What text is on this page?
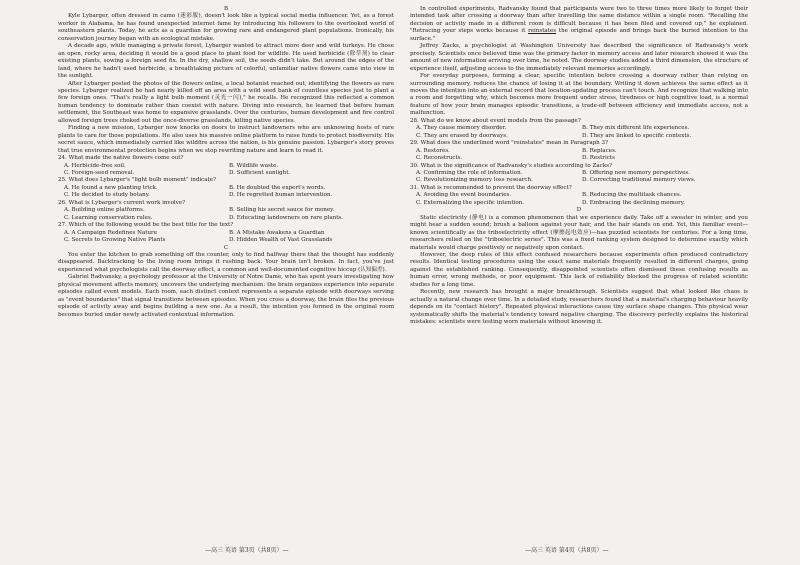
B

Kyle Lybarger, often dressed in camo (迷彩服), doesn't look like a typical social media influencer. Yet, as a forest worker in Alabama, he has found unexpected internet fame by introducing his followers to the overlooked world of southeastern plants. Today, he acts as a guardian for growing rare and endangered plant populations. Ironically, his conservation journey began with an ecological mistake.

A decade ago, while managing a private forest, Lybarger wanted to attract more deer and wild turkeys. He chose an open, rocky area, deciding it would be a good place to plant food for wildlife. He used herbicide (除草剂) to clear existing plants, sowing a foreign seed fix. In the dry, shallow soil, the seeds didn't take. But around the edges of the land, where he hadn't used herbicide, a breathtaking picture of colorful, unfamiliar native flowers came into view in the sunlight.

After Lybarger posted the photos of the flowers online, a local botanist reached out, identifying the flowers as rare species. Lybarger realized he had nearly killed off an area with a wild seed bank of countless species just to plant a few foreign ones. "That's really a light bulb moment (灵光一闪)," he recalls. He recognized this reflected a common human tendency to dominate rather than coexist with nature. Diving into research, he learned that before human settlement, the Southeast was home to expansive grasslands. Over the centuries, human development and fire control allowed foreign trees choked out the once-diverse grasslands, killing native species.

Finding a new mission, Lybarger now knocks on doors to instruct landowners who are unknowing hosts of rare plants to care for those populations. He also uses his massive online platform to raise funds to protect biodiversity. His secret sauce, which immediately carried like wildfire across the nation, is his genuine passion. Lybarger's story proves that true environmental protection begins when we stop rewriting nature and learn to read it.

24. What made the native flowers come out?
A. Herbicide-free soil.	B. Wildlife waste.
C. Foreign-seed removal.	D. Sufficient sunlight.
25. What does Lybarger's "light bulb moment" indicate?
A. He found a new planting trick.	B. He doubted the expert's words.
C. He decided to study botany.	D. He regretted human intervention.
26. What is Lybarger's current work involve?
A. Building online platforms.	B. Selling his secret sauce for money.
C. Learning conservation rules.	D. Educating landowners on rare plants.
27. Which of the following would be the best title for the text?
A. A Campaign Redefines Nature	B. A Mistake Awakens a Guardian
C. Secrets to Growing Native Plants	D. Hidden Wealth of Vast Grasslands
C

You enter the kitchen to grab something off the counter, only to find halfway there that the thought has suddenly disappeared. Backtracking to the living room brings it rushing back. Your brain isn't broken. In fact, you've just experienced what psychologists call the doorway effect, a common and well-documented cognitive hiccup (认知偏差).

Gabriel Radvansky, a psychology professor at the University of Notre Dame, who has spent years investigating how physical movement affects memory, uncovers the underlying mechanism: the brain organizes experience into separate episodes called event models. Each room, each distinct context represents a separate episode with doorways serving as "event boundaries" that signal transitions between episodes. When you cross a doorway, the brain files the previous episode of activity away and begins building a new one. As a result, the intention you formed in the original room becomes buried under newly activated contextual information.

In controlled experiments, Radvansky found that participants were two to three times more likely to forget their intended task after crossing a doorway than after travelling the same distance within a single room. "Recalling the decision or activity made in a different room is difficult because it has been filed and covered up," he explained. "Retracing your steps works because it reinstates the original episode and brings back the buried intention to the surface."

Jeffrey Zacks, a psychologist at Washington University has described the significance of Radvansky's work precisely. Scientists once believed time was the primary factor in memory access and later research showed it was the amount of new information arriving over time, he noted. The doorway studies added a third dimension, the structure of experience itself, adjusting access to the immediately relevant memories accordingly.

For everyday purposes, forming a clear, specific intention before crossing a doorway rather than relying on surrounding memory, reduces the chance of losing it at the boundary. Writing it down achieves the same effect as it moves the intention into an external record that location-updating process can't touch. And recognize that walking into a room and forgetting why, which becomes more frequent under stress, tiredness or high cognitive load, is a normal feature of how your brain manages episodic transitions, a trade-off between efficiency and immediate access, not a malfunction.

28. What do we know about event models from the passage?
A. They cause memory disorder.	B. They mix different life experiences.
C. They are erased by doorways.	D. They are linked to specific contexts.
29. What does the underlined word "reinstates" mean in Paragraph 3?
A. Restores.	B. Replaces.
C. Reconstructs.	D. Restricts
30. What is the significance of Radvansky's studies according to Zacks?
A. Confirming the role of information.	B. Offering new memory perspectives.
C. Revolutionizing memory loss research.	D. Correcting traditional memory views.
31. What is recommended to prevent the doorway effect?
A. Avoiding the event boundaries.	B. Reducing the multitask chances.
C. Externalizing the specific intention.	D. Embracing the declining memory.
D

Static electricity (静电) is a common phenomenon that we experience daily. Take off a sweater in winter, and you might hear a sudden sound; brush a balloon against your hair, and the hair stands on end. Yet, this familiar event—known scientifically as the triboelectricity effect (摩擦起电效应)—has puzzled scientists for centuries. For a long time, researchers relied on the "triboelectric series". This was a fixed ranking system designed to determine exactly which materials would charge positively or negatively upon contact.

However, the deep rules of this effect confused researchers because experiments often produced contradictory results. Identical testing procedures using the exact same materials frequently resulted in different charges, going against the established ranking. Consequently, disappointed scientists often dismissed these confusing results as human error, wrong methods, or poor equipment. This lack of reliability blocked the progress of related scientific studies for a long time.

Recently, new research has brought a major breakthrough. Scientists suggest that what looked like chaos is actually a natural change over time. In a detailed study, researchers found that a material's charging behaviour heavily depends on its "contact history". Repeated physical interactions cause tiny surface shape changes. This physical wear systematically shifts the material's tendency toward negative charging. The discovery perfectly explains the historical mistakes: scientists were testing worn materials without knowing it.

—高三 英语 第3页（共8页）—	—高三 英语 第4页（共8页）—
